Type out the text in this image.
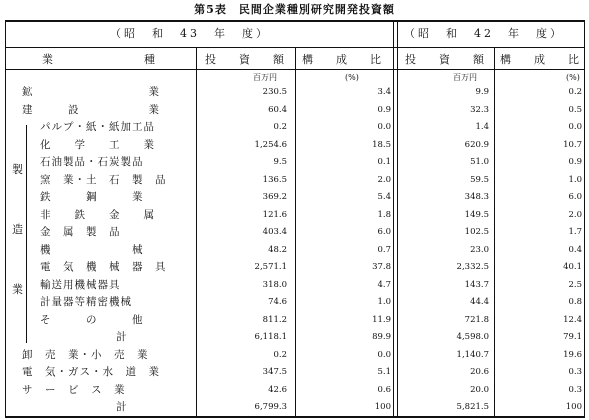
第5表　民間企業種別研究開発投資額
（昭　和　43　年　度）	（昭　和　42　年　度）
業　　　　　種	投　資　額 構　成　比 投　資　額 構　成　比
百万円	(%)	百万円	(%)
製
造
業
鉱　　　　　　　　　　業	230.5	3.4	9.9	0.2
建　　　設　　　　　　業	60.4	0.9	32.3	0.5
パルプ・紙・紙加工品	0.2	0.0	1.4	0.0
化　　学　　工　　業	1,254.6	18.5	620.9	10.7
石油製品・石炭製品	9.5	0.1	51.0	0.9
窯　業・土　石　製　品	136.5	2.0	59.5	1.0
鉄　　　鋼　　　業	369.2	5.4	348.3	6.0
非　　鉄　　金　　属	121.6	1.8	149.5	2.0
金　属　製　品	403.4	6.0	102.5	1.7
機　　　　　　　械	48.2	0.7	23.0	0.4
電　気　機　械　器　具	2,571.1	37.8	2,332.5	40.1
輸送用機械器具	318.0	4.7	143.7	2.5
計量器等精密機械	74.6	1.0	44.4	0.8
そ　　　の　　　他	811.2	11.9	721.8	12.4
計	6,118.1	89.9	4,598.0	79.1
卸　売　業・小　売　業	0.2	0.0	1,140.7	19.6
電　気・ガス・水　道　業	347.5	5.1	20.6	0.3
サ　ー　ビ　ス　業	42.6	0.6	20.0	0.3
計	6,799.3	100	5,821.5	100
